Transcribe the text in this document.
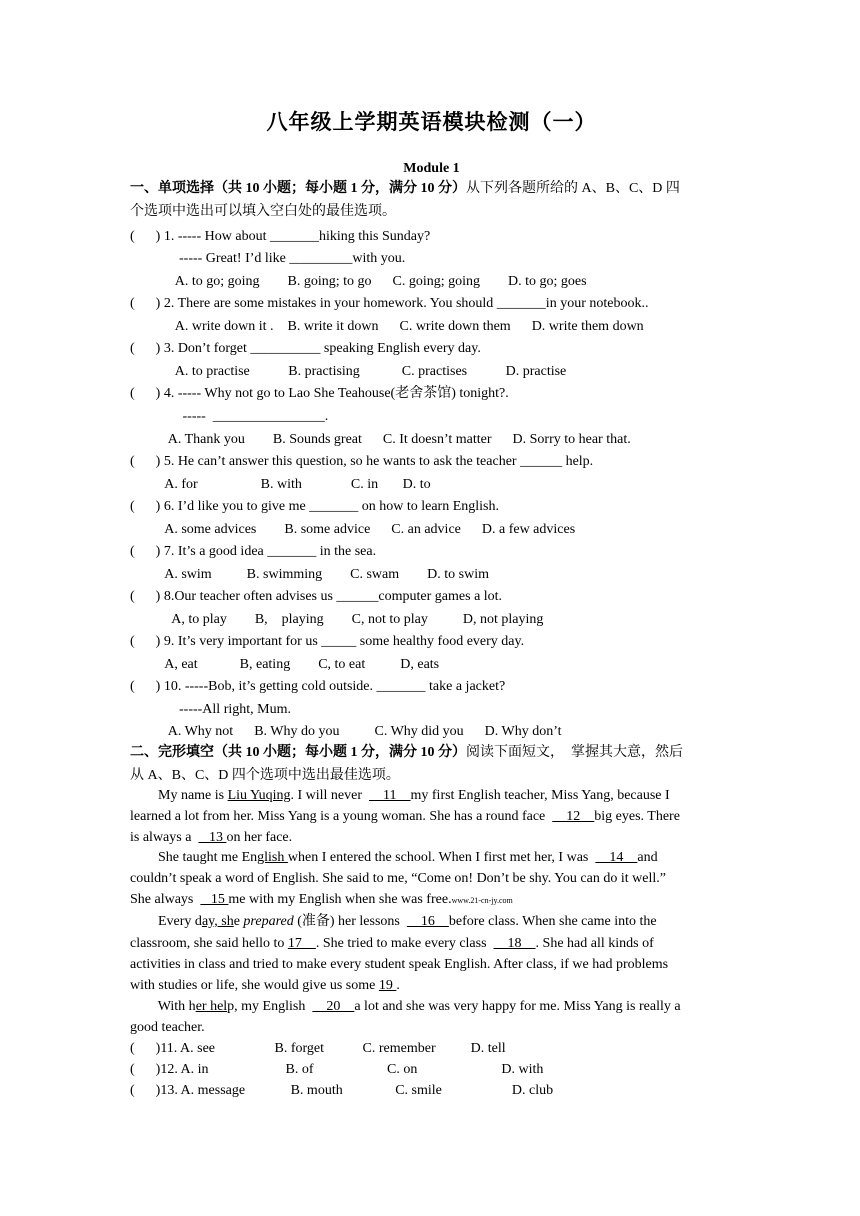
八年级上学期英语模块检测（一）
Module 1
一、单项选择（共 10 小题；每小题 1 分，满分 10 分）从下列各题所给的 A、B、C、D 四
个选项中选出可以填入空白处的最佳选项。
(      ) 1. ----- How about _______hiking this Sunday?
----- Great! I’d like _________with you.
A. to go; going        B. going; to go      C. going; going        D. to go; goes
(      ) 2. There are some mistakes in your homework. You should _______in your notebook..
A. write down it .    B. write it down      C. write down them      D. write them down
(      ) 3. Don’t forget __________ speaking English every day.
A. to practise           B. practising            C. practises           D. practise
(      ) 4. ----- Why not go to Lao She Teahouse(老舍茶馆) tonight?.
-----  ________________.
A. Thank you        B. Sounds great      C. It doesn’t matter      D. Sorry to hear that.
(      ) 5. He can’t answer this question, so he wants to ask the teacher ______ help.
A. for                  B. with              C. in       D. to
(      ) 6. I’d like you to give me _______ on how to learn English.
A. some advices        B. some advice      C. an advice      D. a few advices
(      ) 7. It’s a good idea _______ in the sea.
A. swim          B. swimming        C. swam        D. to swim
(      ) 8.Our teacher often advises us ______computer games a lot.
A, to play        B,    playing        C, not to play          D, not playing
(      ) 9. It’s very important for us _____ some healthy food every day.
A, eat            B, eating        C, to eat          D, eats
(      ) 10. -----Bob, it’s getting cold outside. _______ take a jacket?
-----All right, Mum.
A. Why not      B. Why do you          C. Why did you      D. Why don’t
二、完形填空（共 10 小题；每小题 1 分，满分 10 分）阅读下面短文，  掌握其大意，然后
从 A、B、C、D 四个选项中选出最佳选项。
My name is Liu Yuqing. I will never      11    my first English teacher, Miss Yang, because I
learned a lot from her. Miss Yang is a young woman. She has a round face      12    big eyes. There
is always a     13 on her face.
She taught me English when I entered the school. When I first met her, I was      14    and
couldn’t speak a word of English. She said to me, “Come on! Don’t be shy. You can do it well.”
She always     15 me with my English when she was free.www.21-cn-jy.com
Every day, she prepared (准备) her lessons      16    before class. When she came into the
classroom, she said hello to 17    . She tried to make every class      18    . She had all kinds of
activities in class and tried to make every student speak English. After class, if we had problems
with studies or life, she would give us some 19 .
With her help, my English      20    a lot and she was very happy for me. Miss Yang is really a
good teacher.
(      )11. A. see                 B. forget           C. remember          D. tell
(      )12. A. in                      B. of                     C. on                        D. with
(      )13. A. message             B. mouth               C. smile                    D. club
